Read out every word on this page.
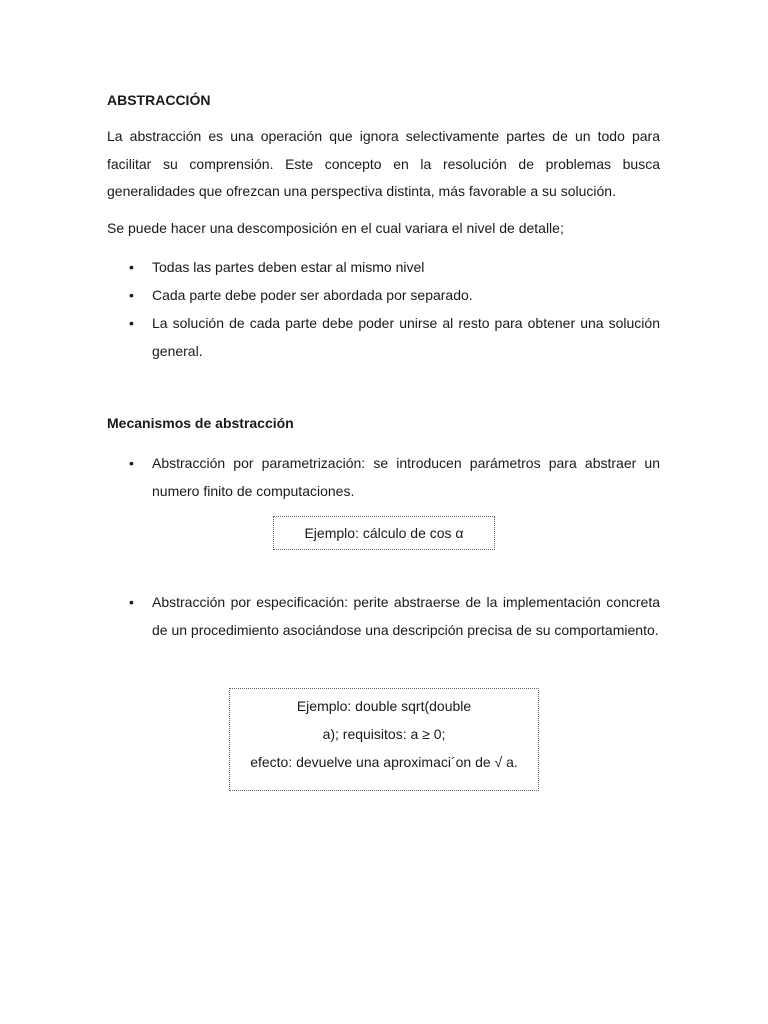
ABSTRACCIÓN

La abstracción es una operación que ignora selectivamente partes de un todo para facilitar su comprensión. Este concepto en la resolución de problemas busca generalidades que ofrezcan una perspectiva distinta, más favorable a su solución.

Se puede hacer una descomposición en el cual variara el nivel de detalle;

• Todas las partes deben estar al mismo nivel
• Cada parte debe poder ser abordada por separado.
• La solución de cada parte debe poder unirse al resto para obtener una solución general.
Mecanismos de abstracción
• Abstracción por parametrización: se introducen parámetros para abstraer un numero finito de computaciones.
Ejemplo: cálculo de cos α
• Abstracción por especificación: perite abstraerse de la implementación concreta de un procedimiento asociándose una descripción precisa de su comportamiento.
Ejemplo: double sqrt(double
a); requisitos: a ≥ 0;
efecto: devuelve una aproximaci´on de √ a.
